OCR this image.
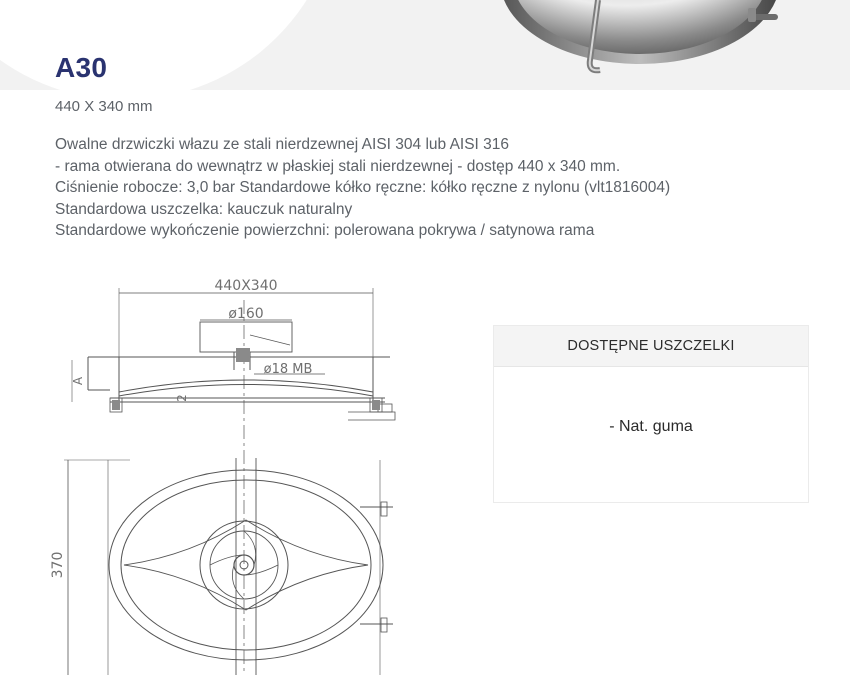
A30
440 X 340 mm
Owalne drzwiczki włazu ze stali nierdzewnej AISI 304 lub AISI 316
- rama otwierana do wewnątrz w płaskiej stali nierdzewnej - dostęp 440 x 340 mm.
Ciśnienie robocze: 3,0 bar Standardowe kółko ręczne: kółko ręczne z nylonu (vlt1816004)
Standardowa uszczelka: kauczuk naturalny
Standardowe wykończenie powierzchni: polerowana pokrywa / satynowa rama
440X340
ø160
ø18 MB
A
2
370
DOSTĘPNE USZCZELKI
- Nat. guma
